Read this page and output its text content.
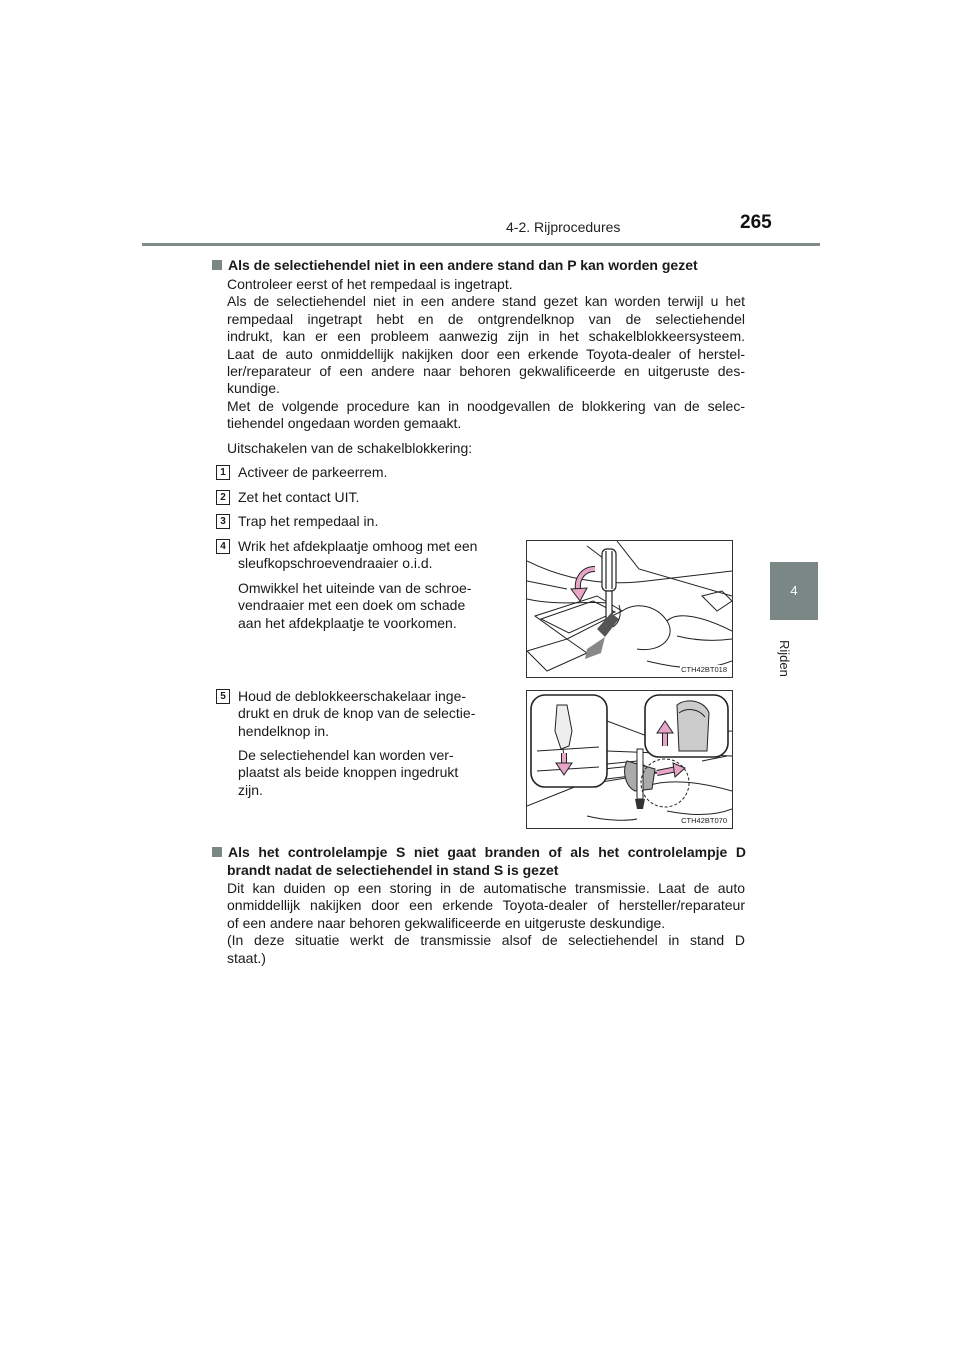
4-2. Rijprocedures	265
4
Rijden
Als de selectiehendel niet in een andere stand dan P kan worden gezet
Controleer eerst of het rempedaal is ingetrapt.
Als de selectiehendel niet in een andere stand gezet kan worden terwijl u het
rempedaal ingetrapt hebt en de ontgrendelknop van de selectiehendel
indrukt, kan er een probleem aanwezig zijn in het schakelblokkeersysteem.
Laat de auto onmiddellijk nakijken door een erkende Toyota-dealer of herstel-
ler/reparateur of een andere naar behoren gekwalificeerde en uitgeruste des-
kundige.
Met de volgende procedure kan in noodgevallen de blokkering van de selec-
tiehendel ongedaan worden gemaakt.
Uitschakelen van de schakelblokkering:
1 Activeer de parkeerrem.
2 Zet het contact UIT.
3 Trap het rempedaal in.
4 Wrik het afdekplaatje omhoog met een
sleufkopschroevendraaier o.i.d.
Omwikkel het uiteinde van de schroe-
vendraaier met een doek om schade
aan het afdekplaatje te voorkomen.
CTH42BT018
5 Houd de deblokkeerschakelaar inge-
drukt en druk de knop van de selectie-
hendelknop in.
De selectiehendel kan worden ver-
plaatst als beide knoppen ingedrukt
zijn.
CTH42BT070
Als het controlelampje S niet gaat branden of als het controlelampje D
brandt nadat de selectiehendel in stand S is gezet
Dit kan duiden op een storing in de automatische transmissie. Laat de auto
onmiddellijk nakijken door een erkende Toyota-dealer of hersteller/reparateur
of een andere naar behoren gekwalificeerde en uitgeruste deskundige.
(In deze situatie werkt de transmissie alsof de selectiehendel in stand D
staat.)
